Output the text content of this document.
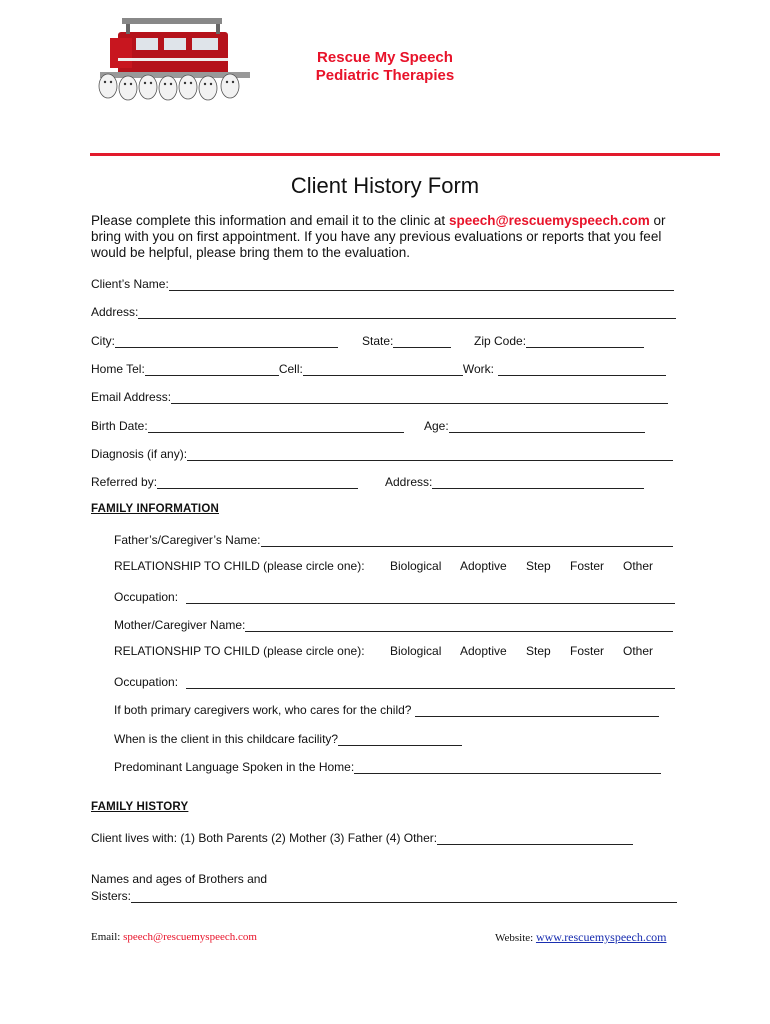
Rescue My Speech
Pediatric Therapies
Client History Form
Please complete this information and email it to the clinic at speech@rescuemyspeech.com or bring with you on first appointment. If you have any previous evaluations or reports that you feel would be helpful, please bring them to the evaluation.
Client’s Name:
Address:
City:	State:	Zip Code:
Home Tel:	Cell:	Work:
Email Address:
Birth Date:	Age:
Diagnosis (if any):
Referred by:	Address:
FAMILY INFORMATION
Father’s/Caregiver’s Name:
RELATIONSHIP TO CHILD (please circle one): Biological Adoptive Step Foster Other
Occupation:
Mother/Caregiver Name:
RELATIONSHIP TO CHILD (please circle one): Biological Adoptive Step Foster Other
Occupation:
If both primary caregivers work, who cares for the child?
When is the client in this childcare facility?
Predominant Language Spoken in the Home:
FAMILY HISTORY
Client lives with: (1) Both Parents (2) Mother (3) Father (4) Other:
Names and ages of Brothers and
Sisters:
Email: speech@rescuemyspeech.com	Website: www.rescuemyspeech.com
